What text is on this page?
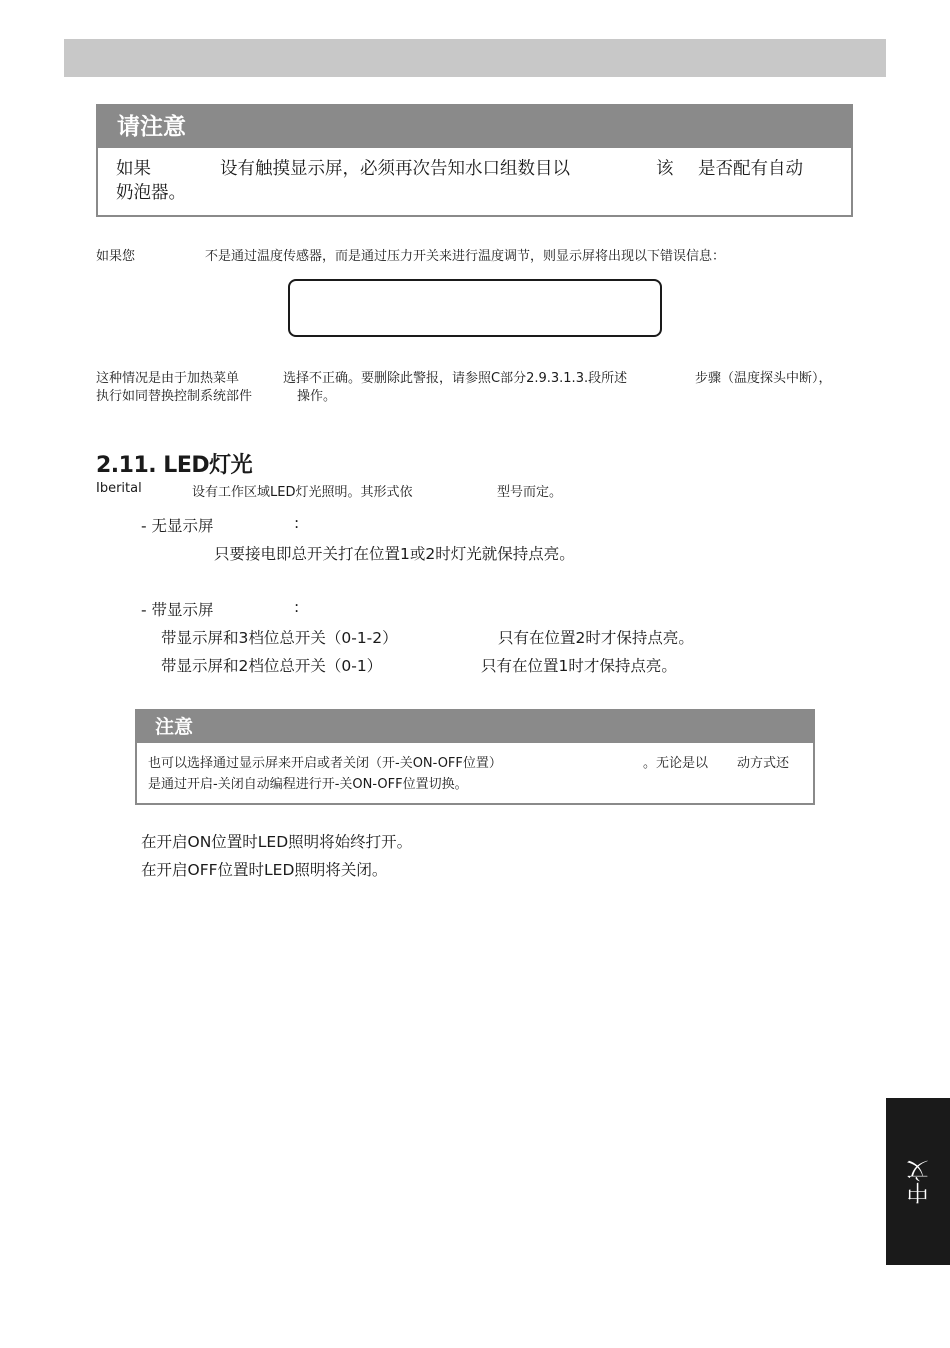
请注意
如果	设有触摸显示屏，必须再次告知水口组数目以	该 是否配有自动
奶泡器。
如果您	不是通过温度传感器，而是通过压力开关来进行温度调节，则显示屏将出现以下错误信息：
这种情况是由于加热菜单	选择不正确。要删除此警报，请参照C部分2.9.3.1.3.段所述	步骤（温度探头中断），
执行如同替换控制系统部件	操作。
2.11. LED灯光
Iberital	设有工作区域LED灯光照明。其形式依	型号而定。
- 无显示屏	:
只要接电即总开关打在位置1或2时灯光就保持点亮。
- 带显示屏	:
带显示屏和3档位总开关（0-1-2）	只有在位置2时才保持点亮。
带显示屏和2档位总开关（0-1）	只有在位置1时才保持点亮。
注意
也可以选择通过显示屏来开启或者关闭（开-关ON-OFF位置）	。无论是以 动方式还
是通过开启-关闭自动编程进行开-关ON-OFF位置切换。
在开启ON位置时LED照明将始终打开。
在开启OFF位置时LED照明将关闭。
中文
